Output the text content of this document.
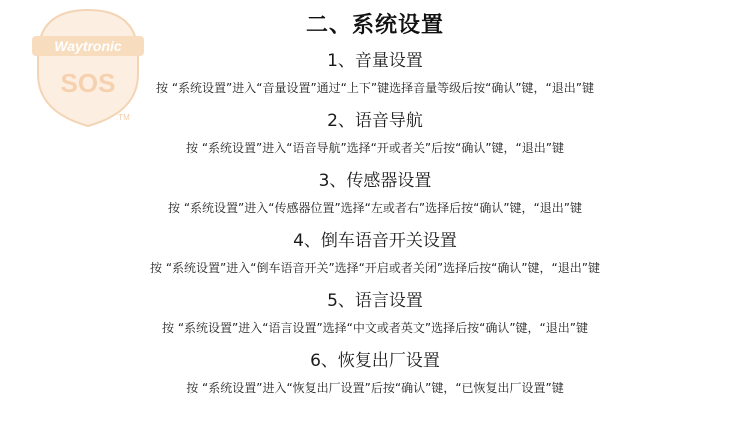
Waytronic
SOS
TM
二、系统设置
1、音量设置
按 “系统设置”进入“音量设置”通过“上下”键选择音量等级后按“确认”键，“退出”键
2、语音导航
按 “系统设置”进入“语音导航”选择“开或者关”后按“确认”键，“退出”键
3、传感器设置
按 “系统设置”进入“传感器位置”选择“左或者右”选择后按“确认”键，“退出”键
4、倒车语音开关设置
按 “系统设置”进入“倒车语音开关”选择“开启或者关闭”选择后按“确认”键，“退出”键
5、语言设置
按 “系统设置”进入“语言设置”选择“中文或者英文”选择后按“确认”键，“退出”键
6、恢复出厂设置
按 “系统设置”进入“恢复出厂设置”后按“确认”键，“已恢复出厂设置”键
